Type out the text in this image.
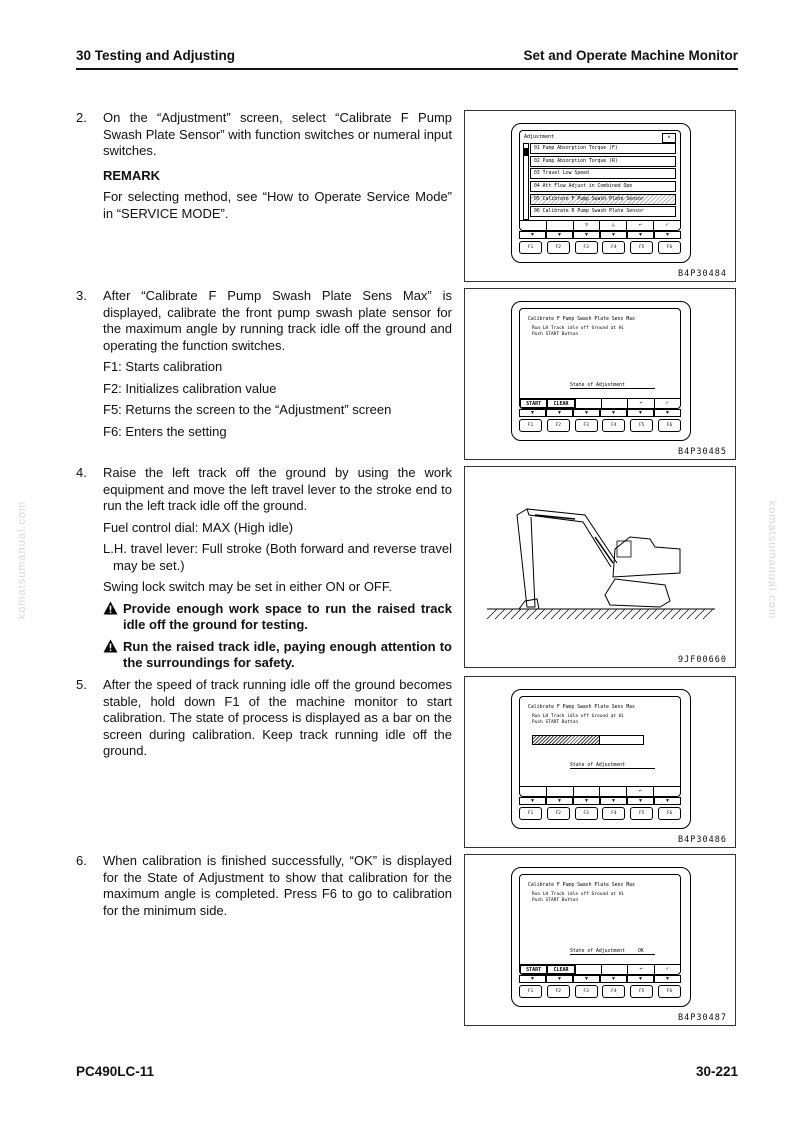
30 Testing and Adjusting	Set and Operate Machine Monitor
komatsumanual.com	komatsumanual.com
2. On the “Adjustment” screen, select “Calibrate F Pump Swash Plate Sensor” with function switches or numeral input switches.

REMARK

For selecting method, see “How to Operate Service Mode” in “SERVICE MODE”.

3. After “Calibrate F Pump Swash Plate Sens Max” is displayed, calibrate the front pump swash plate sensor for the maximum angle by running track idle off the ground and operating the function switches.

F1: Starts calibration

F2: Initializes calibration value

F5: Returns the screen to the “Adjustment” screen

F6: Enters the setting

4. Raise the left track off the ground by using the work equipment and move the left travel lever to the stroke end to run the left track idle off the ground.

Fuel control dial: MAX (High idle)

L.H. travel lever: Full stroke (Both forward and reverse travel may be set.)

Swing lock switch may be set in either ON or OFF.

Provide enough work space to run the raised track idle off the ground for testing.
Run the raised track idle, paying enough attention to the surroundings for safety.
5. After the speed of track running idle off the ground becomes stable, hold down F1 of the machine monitor to start calibration. The state of process is displayed as a bar on the screen during calibration. Keep track running idle off the ground.

6. When calibration is finished successfully, “OK” is displayed for the State of Adjustment to show that calibration for the maximum angle is completed. Press F6 to go to calibration for the minimum side.

Adjustment	⚙
01 Pump Absorption Torque (F)
02 Pump Absorption Torque (R)
03 Travel Low Speed
04 Att Flow Adjust in Combined Ope
05 Calibrate F Pump Swash Plate Sensor
06 Calibrate R Pump Swash Plate Sensor
▽	△	↩	✓
▼	▼	▼	▼	▼	▼
F1	F2	F3	F4	F5	F6
B4P30484
Calibrate F Pump Swash Plate Sens Max
Run LH Track idle off Ground at Hi
Push START Button
State of Adjustment
START	CLEAR	↩	✓
▼	▼	▼	▼	▼	▼
F1	F2	F3	F4	F5	F6
B4P30485
9JF00660
Calibrate F Pump Swash Plate Sens Max
Run LH Track idle off Ground at Hi
Push START Button
State of Adjustment
↩
▼	▼	▼	▼	▼	▼
F1	F2	F3	F4	F5	F6
B4P30486
Calibrate F Pump Swash Plate Sens Max
Run LH Track idle off Ground at Hi
Push START Button
State of Adjustment	OK
START	CLEAR	↩	✓
▼	▼	▼	▼	▼	▼
F1	F2	F3	F4	F5	F6
B4P30487
PC490LC-11	30-221
